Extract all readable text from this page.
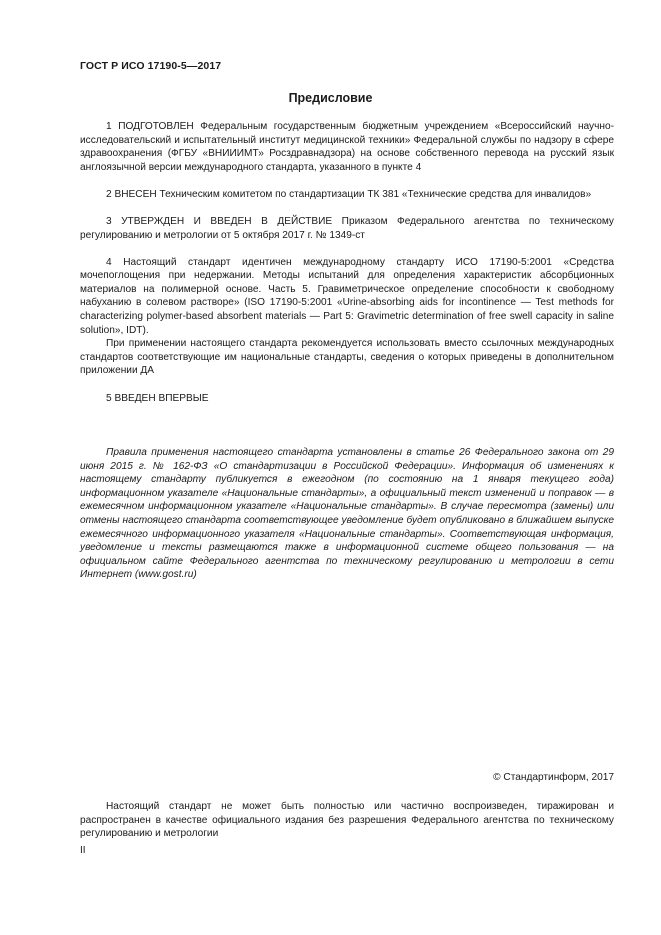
ГОСТ Р ИСО 17190-5—2017
Предисловие

1 ПОДГОТОВЛЕН Федеральным государственным бюджетным учреждением «Всероссийский научно-исследовательский и испытательный институт медицинской техники» Федеральной службы по надзору в сфере здравоохранения (ФГБУ «ВНИИИМТ» Росздравнадзора) на основе собственного перевода на русский язык англоязычной версии международного стандарта, указанного в пункте 4

2 ВНЕСЕН Техническим комитетом по стандартизации ТК 381 «Технические средства для инвалидов»

3 УТВЕРЖДЕН И ВВЕДЕН В ДЕЙСТВИЕ Приказом Федерального агентства по техническому регулированию и метрологии от 5 октября 2017 г. № 1349-ст

4 Настоящий стандарт идентичен международному стандарту ИСО 17190-5:2001 «Средства мочепоглощения при недержании. Методы испытаний для определения характеристик абсорбционных материалов на полимерной основе. Часть 5. Гравиметрическое определение способности к свободному набуханию в солевом растворе» (ISO 17190-5:2001 «Urine-absorbing aids for incontinence — Test methods for characterizing polymer-based absorbent materials — Part 5: Gravimetric determination of free swell capacity in saline solution», IDT).

При применении настоящего стандарта рекомендуется использовать вместо ссылочных международных стандартов соответствующие им национальные стандарты, сведения о которых приведены в дополнительном приложении ДА

5 ВВЕДЕН ВПЕРВЫЕ

Правила применения настоящего стандарта установлены в статье 26 Федерального закона от 29 июня 2015 г. № 162-ФЗ «О стандартизации в Российской Федерации». Информация об изменениях к настоящему стандарту публикуется в ежегодном (по состоянию на 1 января текущего года) информационном указателе «Национальные стандарты», а официальный текст изменений и поправок — в ежемесячном информационном указателе «Национальные стандарты». В случае пересмотра (замены) или отмены настоящего стандарта соответствующее уведомление будет опубликовано в ближайшем выпуске ежемесячного информационного указателя «Национальные стандарты». Соответствующая информация, уведомление и тексты размещаются также в информационной системе общего пользования — на официальном сайте Федерального агентства по техническому регулированию и метрологии в сети Интернет (www.gost.ru)

© Стандартинформ, 2017

Настоящий стандарт не может быть полностью или частично воспроизведен, тиражирован и распространен в качестве официального издания без разрешения Федерального агентства по техническому регулированию и метрологии

II
